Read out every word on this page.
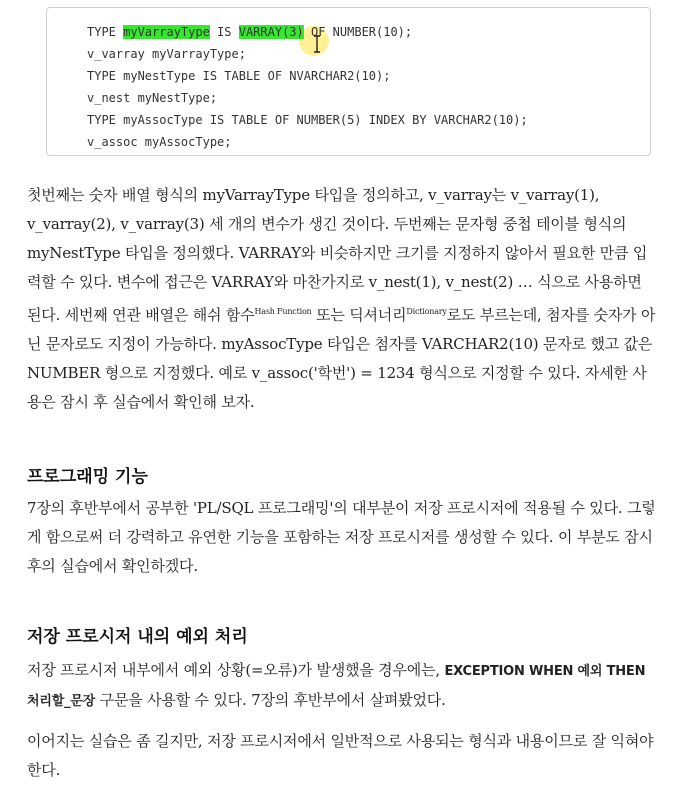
TYPE myVarrayType IS VARRAY(3) OF NUMBER(10);
v_varray myVarrayType;
TYPE myNestType IS TABLE OF NVARCHAR2(10);
v_nest myNestType;
TYPE myAssocType IS TABLE OF NUMBER(5) INDEX BY VARCHAR2(10);
v_assoc myAssocType;

첫번째는 숫자 배열 형식의 myVarrayType 타입을 정의하고, v_varray는 v_varray(1), v_varray(2), v_varray(3) 세 개의 변수가 생긴 것이다. 두번째는 문자형 중첩 테이블 형식의 myNestType 타입을 정의했다. VARRAY와 비슷하지만 크기를 지정하지 않아서 필요한 만큼 입력할 수 있다. 변수에 접근은 VARRAY와 마찬가지로 v_nest(1), v_nest(2) … 식으로 사용하면 된다. 세번째 연관 배열은 해쉬 함수$^{Hash Function}$ 또는 딕셔너리$^{Dictionary}$로도 부르는데, 첨자를 숫자가 아닌 문자로도 지정이 가능하다. myAssocType 타입은 첨자를 VARCHAR2(10) 문자로 했고 값은 NUMBER 형으로 지정했다. 예로 v_assoc('학번') = 1234 형식으로 지정할 수 있다. 자세한 사용은 잠시 후 실습에서 확인해 보자.

프로그래밍 기능

7장의 후반부에서 공부한 'PL/SQL 프로그래밍'의 대부분이 저장 프로시저에 적용될 수 있다. 그렇게 함으로써 더 강력하고 유연한 기능을 포함하는 저장 프로시저를 생성할 수 있다. 이 부분도 잠시 후의 실습에서 확인하겠다.

저장 프로시저 내의 예외 처리

저장 프로시저 내부에서 예외 상황(=오류)가 발생했을 경우에는, EXCEPTION WHEN 예외 THEN 처리할_문장 구문을 사용할 수 있다. 7장의 후반부에서 살펴봤었다.

이어지는 실습은 좀 길지만, 저장 프로시저에서 일반적으로 사용되는 형식과 내용이므로 잘 익혀야 한다.
